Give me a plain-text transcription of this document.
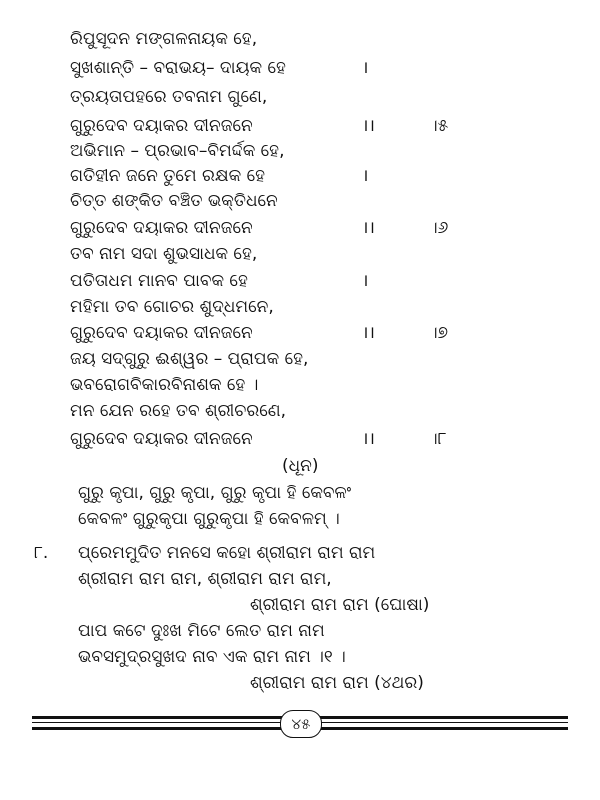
ରିପୁସୂଦନ ମଙ୍ଗଳନାୟକ ହେ,
ସୁଖଶାନ୍ତି – ବରାଭୟ– ଦାୟକ ହେ	।
ତ୍ରୟତାପହରେ ତବନାମ ଗୁଣେ,
ଗୁରୁଦେବ ଦୟାକର ଦୀନଜନେ	।।	।୫
ଅଭିମାନ – ପ୍ରଭାବ–ବିମର୍ଦ୍ଦକ ହେ,
ଗତିହୀନ ଜନେ ତୁମେ ରକ୍ଷକ ହେ	।
ଚିତ୍ତ ଶଙ୍କିତ ବଞ୍ଚିତ ଭକ୍ତିଧନେ
ଗୁରୁଦେବ ଦୟାକର ଦୀନଜନେ	।।	।୬
ତବ ନାମ ସଦା ଶୁଭସାଧକ ହେ,
ପତିତାଧମ ମାନବ ପାବକ ହେ	।
ମହିମା ତବ ଗୋଚର ଶୁଦ୍ଧମନେ,
ଗୁରୁଦେବ ଦୟାକର ଦୀନଜନେ	।।	।୭
ଜୟ ସଦ୍‌ଗୁରୁ ଈଶ୍ୱର – ପ୍ରାପକ ହେ,
ଭବରୋଗବିକାରବିନାଶକ ହେ ।
ମନ ଯେନ ରହେ ତବ ଶ୍ରୀଚରଣେ,
ଗୁରୁଦେବ ଦୟାକର ଦୀନଜନେ	।।	।୮
(ଧୂନ)
ଗୁରୁ କୃପା, ଗୁରୁ କୃପା, ଗୁରୁ କୃପା ହି କେବଳଂ
କେବଳଂ ଗୁରୁକୃପା ଗୁରୁକୃପା ହି କେବଳମ୍ ।
୮. ପ୍ରେମମୁଦିତ ମନସେ କହୋ ଶ୍ରୀରାମ ରାମ ରାମ
ଶ୍ରୀରାମ ରାମ ରାମ, ଶ୍ରୀରାମ ରାମ ରାମ,
ଶ୍ରୀରାମ ରାମ ରାମ (ଘୋଷା)
ପାପ କଟେ ଦୁଃଖ ମିଟେ ଲେତ ରାମ ନାମ
ଭବସମୁଦ୍ରସୁଖଦ ନାବ ଏକ ରାମ ନାମ ।୧ ।
ଶ୍ରୀରାମ ରାମ ରାମ (୪ଥର)
୪୫
